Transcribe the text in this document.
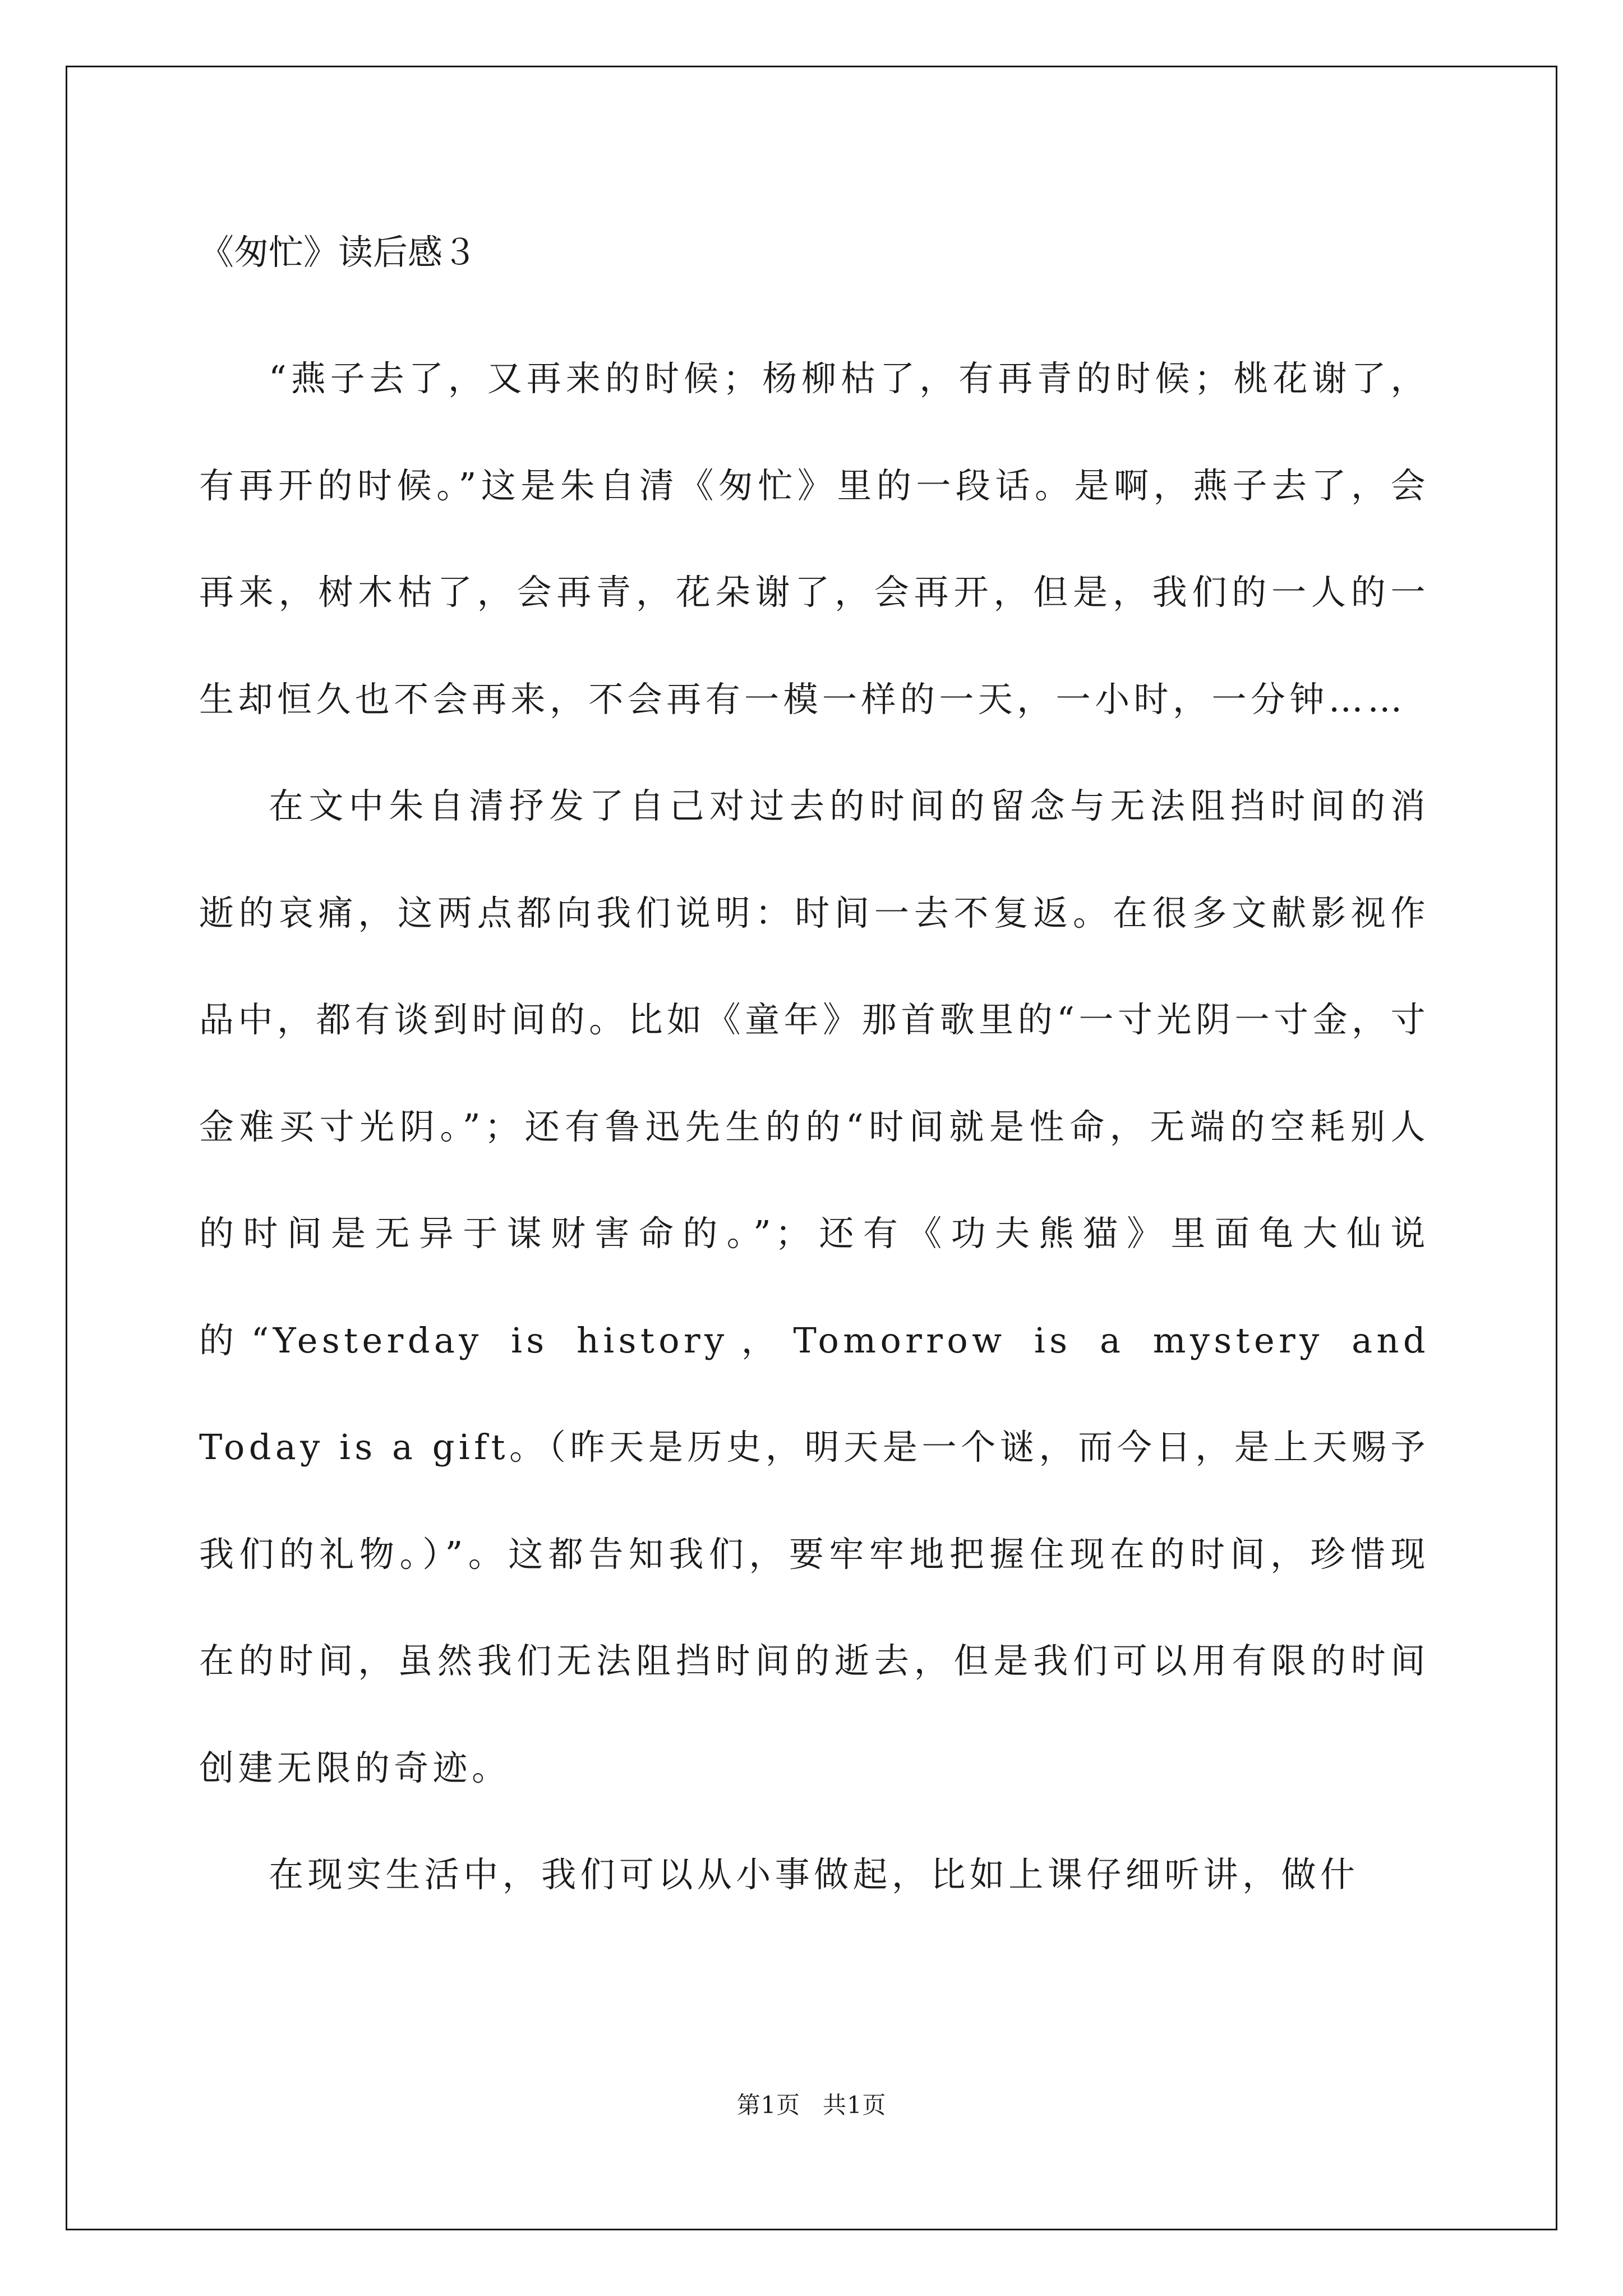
《匆忙》读后感３

“燕子去了，又再来的时候；杨柳枯了，有再青的时候；桃花谢了，有再开的时候。”这是朱自清《匆忙》里的一段话。是啊，燕子去了，会再来，树木枯了，会再青，花朵谢了，会再开，但是，我们的一人的一生却恒久也不会再来，不会再有一模一样的一天，一小时，一分钟……

在文中朱自清抒发了自己对过去的时间的留念与无法阻挡时间的消逝的哀痛，这两点都向我们说明：时间一去不复返。在很多文献影视作品中，都有谈到时间的。比如《童年》那首歌里的“一寸光阴一寸金，寸金难买寸光阴。”；还有鲁迅先生的的“时间就是性命，无端的空耗别人的时间是无异于谋财害命的。”；还有《功夫熊猫》里面龟大仙说的“Yesterday is history，Tomorrow is a mystery and Today is a gift。（昨天是历史，明天是一个谜，而今日，是上天赐予我们的礼物。）”。这都告知我们，要牢牢地把握住现在的时间，珍惜现在的时间，虽然我们无法阻挡时间的逝去，但是我们可以用有限的时间创建无限的奇迹。

在现实生活中，我们可以从小事做起，比如上课仔细听讲，做什

第1页 共1页
